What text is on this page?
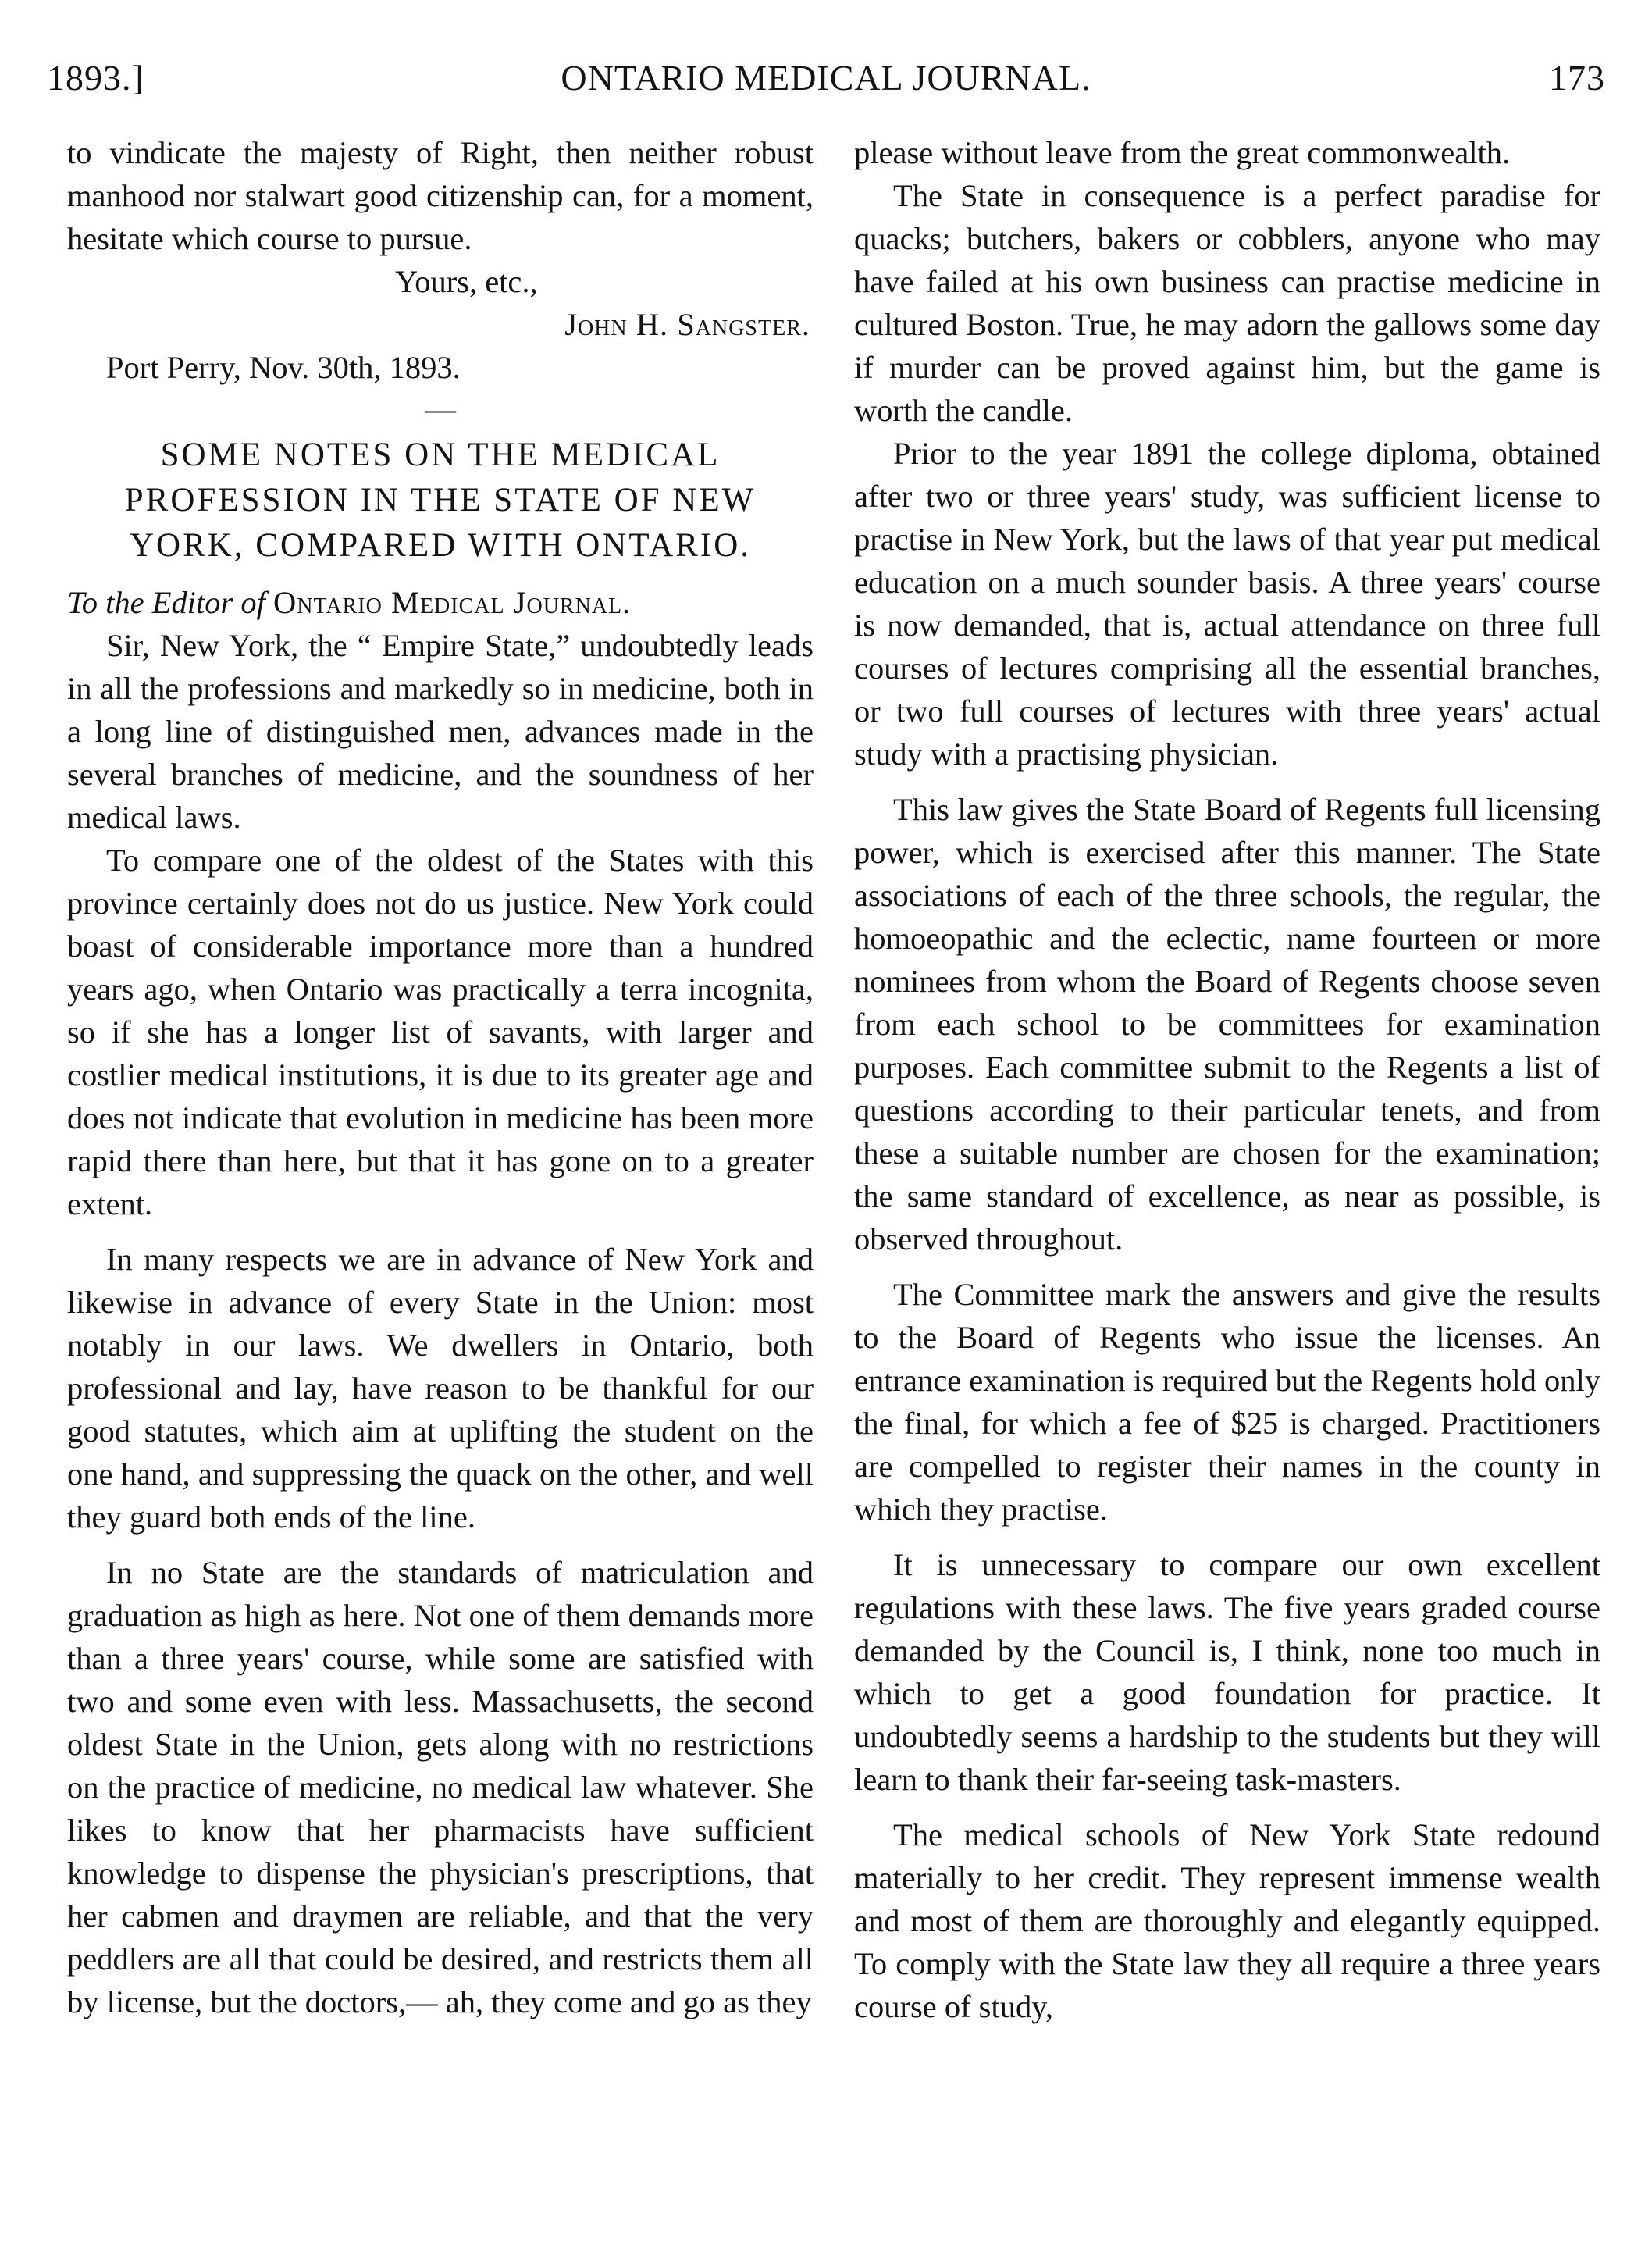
ONTARIO MEDICAL JOURNAL.
1893.]	173

to vindicate the majesty of Right, then neither robust manhood nor stalwart good citizenship can, for a moment, hesitate which course to pursue.

Yours, etc.,

John H. Sangster.

Port Perry, Nov. 30th, 1893.

—
SOME NOTES ON THE MEDICAL PROFESSION IN THE STATE OF NEW YORK, COMPARED WITH ONTARIO.

To the Editor of Ontario Medical Journal.

Sir, New York, the “ Empire State,” undoubtedly leads in all the professions and markedly so in medicine, both in a long line of distinguished men, advances made in the several branches of medicine, and the soundness of her medical laws.

To compare one of the oldest of the States with this province certainly does not do us justice. New York could boast of considerable importance more than a hundred years ago, when Ontario was practically a terra incognita, so if she has a longer list of savants, with larger and costlier medical institutions, it is due to its greater age and does not indicate that evolution in medicine has been more rapid there than here, but that it has gone on to a greater extent.

In many respects we are in advance of New York and likewise in advance of every State in the Union: most notably in our laws. We dwellers in Ontario, both professional and lay, have reason to be thankful for our good statutes, which aim at uplifting the student on the one hand, and suppressing the quack on the other, and well they guard both ends of the line.

In no State are the standards of matriculation and graduation as high as here. Not one of them demands more than a three years' course, while some are satisfied with two and some even with less. Massachusetts, the second oldest State in the Union, gets along with no restrictions on the practice of medicine, no medical law whatever. She likes to know that her pharmacists have sufficient knowledge to dispense the physician's prescriptions, that her cabmen and draymen are reliable, and that the very peddlers are all that could be desired, and restricts them all by license, but the doctors,— ah, they come and go as they

please without leave from the great commonwealth.

The State in consequence is a perfect paradise for quacks; butchers, bakers or cobblers, anyone who may have failed at his own business can practise medicine in cultured Boston. True, he may adorn the gallows some day if murder can be proved against him, but the game is worth the candle.

Prior to the year 1891 the college diploma, obtained after two or three years' study, was sufficient license to practise in New York, but the laws of that year put medical education on a much sounder basis. A three years' course is now demanded, that is, actual attendance on three full courses of lectures comprising all the essential branches, or two full courses of lectures with three years' actual study with a practising physician.

This law gives the State Board of Regents full licensing power, which is exercised after this manner. The State associations of each of the three schools, the regular, the homoeopathic and the eclectic, name fourteen or more nominees from whom the Board of Regents choose seven from each school to be committees for examination purposes. Each committee submit to the Regents a list of questions according to their particular tenets, and from these a suitable number are chosen for the examination; the same standard of excellence, as near as possible, is observed throughout.

The Committee mark the answers and give the results to the Board of Regents who issue the licenses. An entrance examination is required but the Regents hold only the final, for which a fee of $25 is charged. Practitioners are compelled to register their names in the county in which they practise.

It is unnecessary to compare our own excellent regulations with these laws. The five years graded course demanded by the Council is, I think, none too much in which to get a good foundation for practice. It undoubtedly seems a hardship to the students but they will learn to thank their far-seeing task-masters.

The medical schools of New York State redound materially to her credit. They represent immense wealth and most of them are thoroughly and elegantly equipped. To comply with the State law they all require a three years course of study,
